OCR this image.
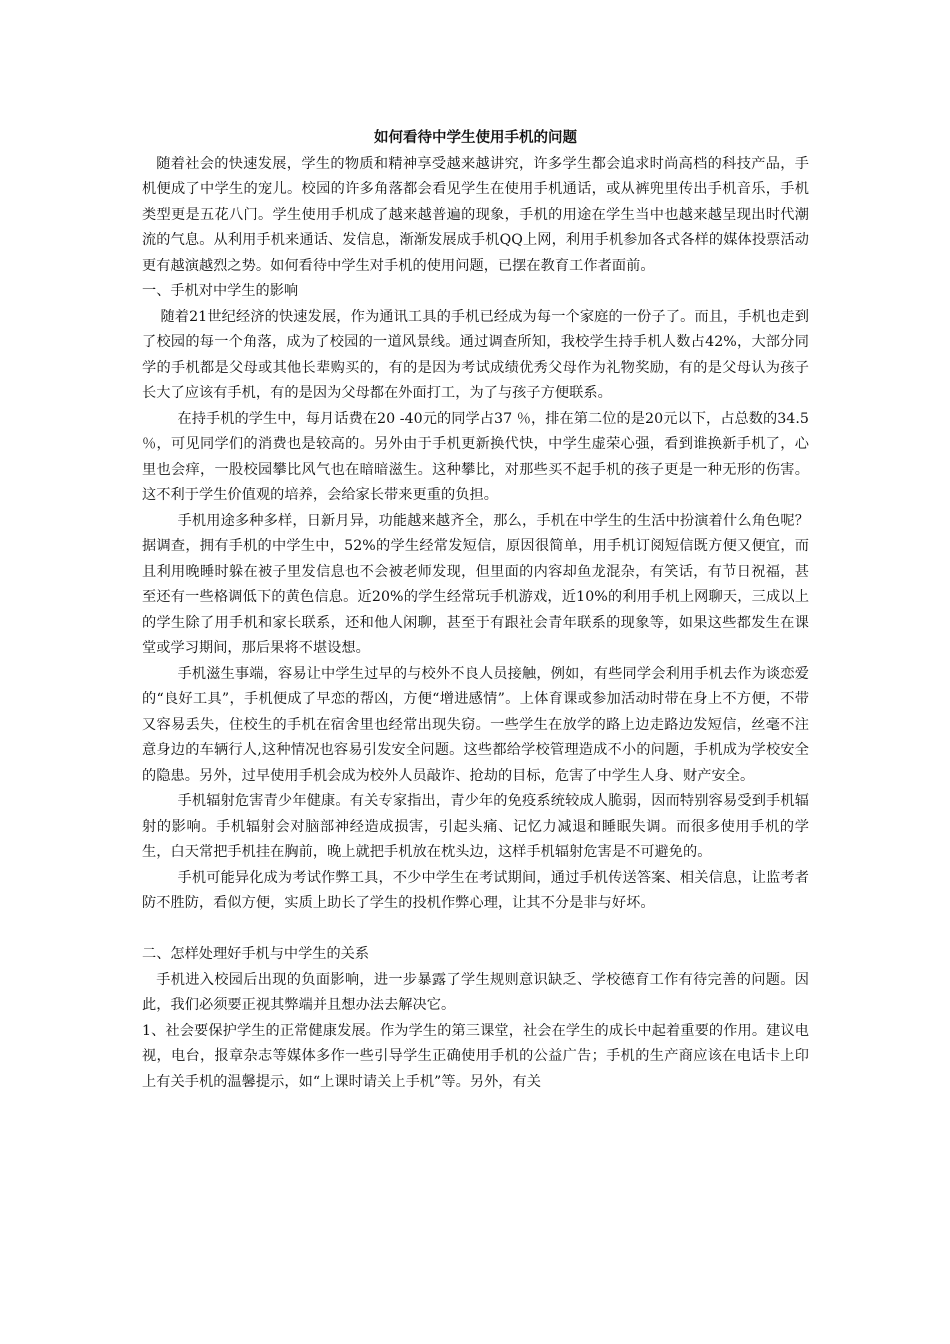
如何看待中学生使用手机的问题

随着社会的快速发展，学生的物质和精神享受越来越讲究，许多学生都会追求时尚高档的科技产品，手机便成了中学生的宠儿。校园的许多角落都会看见学生在使用手机通话，或从裤兜里传出手机音乐，手机类型更是五花八门。学生使用手机成了越来越普遍的现象，手机的用途在学生当中也越来越呈现出时代潮流的气息。从利用手机来通话、发信息，渐渐发展成手机QQ上网，利用手机参加各式各样的媒体投票活动更有越演越烈之势。如何看待中学生对手机的使用问题，已摆在教育工作者面前。

一、手机对中学生的影响

随着21世纪经济的快速发展，作为通讯工具的手机已经成为每一个家庭的一份子了。而且，手机也走到了校园的每一个角落，成为了校园的一道风景线。通过调查所知，我校学生持手机人数占42%，大部分同学的手机都是父母或其他长辈购买的，有的是因为考试成绩优秀父母作为礼物奖励，有的是父母认为孩子长大了应该有手机，有的是因为父母都在外面打工，为了与孩子方便联系。

在持手机的学生中，每月话费在20 -40元的同学占37 ％，排在第二位的是20元以下，占总数的34.5 ％，可见同学们的消费也是较高的。另外由于手机更新换代快，中学生虚荣心强，看到谁换新手机了，心里也会痒，一股校园攀比风气也在暗暗滋生。这种攀比，对那些买不起手机的孩子更是一种无形的伤害。这不利于学生价值观的培养，会给家长带来更重的负担。

手机用途多种多样，日新月异，功能越来越齐全，那么，手机在中学生的生活中扮演着什么角色呢？据调查，拥有手机的中学生中，52%的学生经常发短信，原因很简单，用手机订阅短信既方便又便宜，而且利用晚睡时躲在被子里发信息也不会被老师发现，但里面的内容却鱼龙混杂，有笑话，有节日祝福，甚至还有一些格调低下的黄色信息。近20%的学生经常玩手机游戏，近10%的利用手机上网聊天，三成以上的学生除了用手机和家长联系，还和他人闲聊，甚至于有跟社会青年联系的现象等，如果这些都发生在课堂或学习期间，那后果将不堪设想。

手机滋生事端，容易让中学生过早的与校外不良人员接触，例如，有些同学会利用手机去作为谈恋爱的“良好工具”，手机便成了早恋的帮凶，方便“增进感情”。上体育课或参加活动时带在身上不方便，不带又容易丢失，住校生的手机在宿舍里也经常出现失窃。一些学生在放学的路上边走路边发短信，丝毫不注意身边的车辆行人,这种情况也容易引发安全问题。这些都给学校管理造成不小的问题，手机成为学校安全的隐患。另外，过早使用手机会成为校外人员敲诈、抢劫的目标，危害了中学生人身、财产安全。

手机辐射危害青少年健康。有关专家指出，青少年的免疫系统较成人脆弱，因而特别容易受到手机辐射的影响。手机辐射会对脑部神经造成损害，引起头痛、记忆力减退和睡眠失调。而很多使用手机的学生，白天常把手机挂在胸前，晚上就把手机放在枕头边，这样手机辐射危害是不可避免的。

手机可能异化成为考试作弊工具，不少中学生在考试期间，通过手机传送答案、相关信息，让监考者防不胜防，看似方便，实质上助长了学生的投机作弊心理，让其不分是非与好坏。

二、怎样处理好手机与中学生的关系

手机进入校园后出现的负面影响，进一步暴露了学生规则意识缺乏、学校德育工作有待完善的问题。因此，我们必须要正视其弊端并且想办法去解决它。

1、社会要保护学生的正常健康发展。作为学生的第三课堂，社会在学生的成长中起着重要的作用。建议电视，电台，报章杂志等媒体多作一些引导学生正确使用手机的公益广告；手机的生产商应该在电话卡上印上有关手机的温馨提示，如“上课时请关上手机”等。另外，有关
